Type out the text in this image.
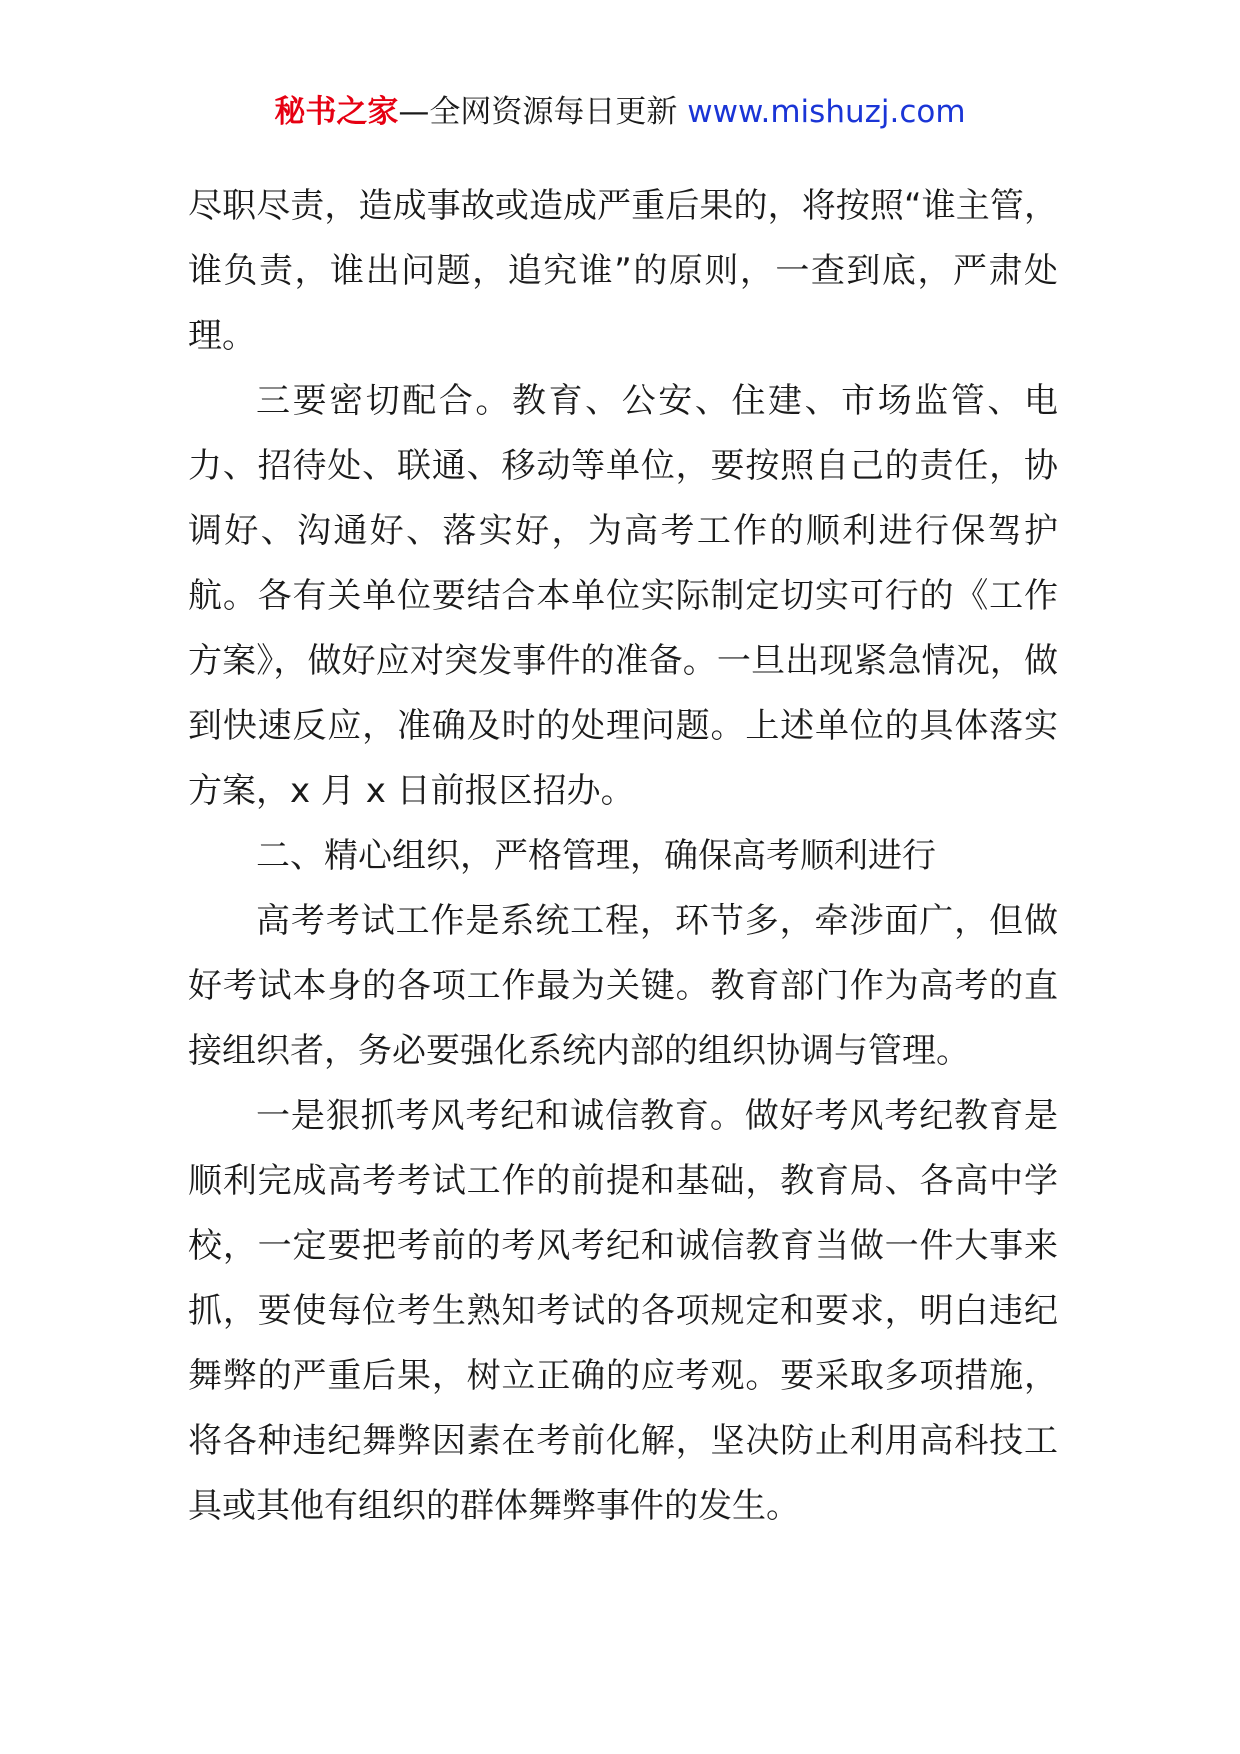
秘书之家—全网资源每日更新 www.mishuzj.com

尽职尽责，造成事故或造成严重后果的，将按照“谁主管，谁负责，谁出问题，追究谁”的原则，一查到底，严肃处理。

三要密切配合。教育、公安、住建、市场监管、电力、招待处、联通、移动等单位，要按照自己的责任，协调好、沟通好、落实好，为高考工作的顺利进行保驾护航。各有关单位要结合本单位实际制定切实可行的《工作方案》，做好应对突发事件的准备。一旦出现紧急情况，做到快速反应，准确及时的处理问题。上述单位的具体落实方案，x 月 x 日前报区招办。

二、精心组织，严格管理，确保高考顺利进行

高考考试工作是系统工程，环节多，牵涉面广，但做好考试本身的各项工作最为关键。教育部门作为高考的直接组织者，务必要强化系统内部的组织协调与管理。

一是狠抓考风考纪和诚信教育。做好考风考纪教育是顺利完成高考考试工作的前提和基础，教育局、各高中学校，一定要把考前的考风考纪和诚信教育当做一件大事来抓，要使每位考生熟知考试的各项规定和要求，明白违纪舞弊的严重后果，树立正确的应考观。要采取多项措施，将各种违纪舞弊因素在考前化解，坚决防止利用高科技工具或其他有组织的群体舞弊事件的发生。
